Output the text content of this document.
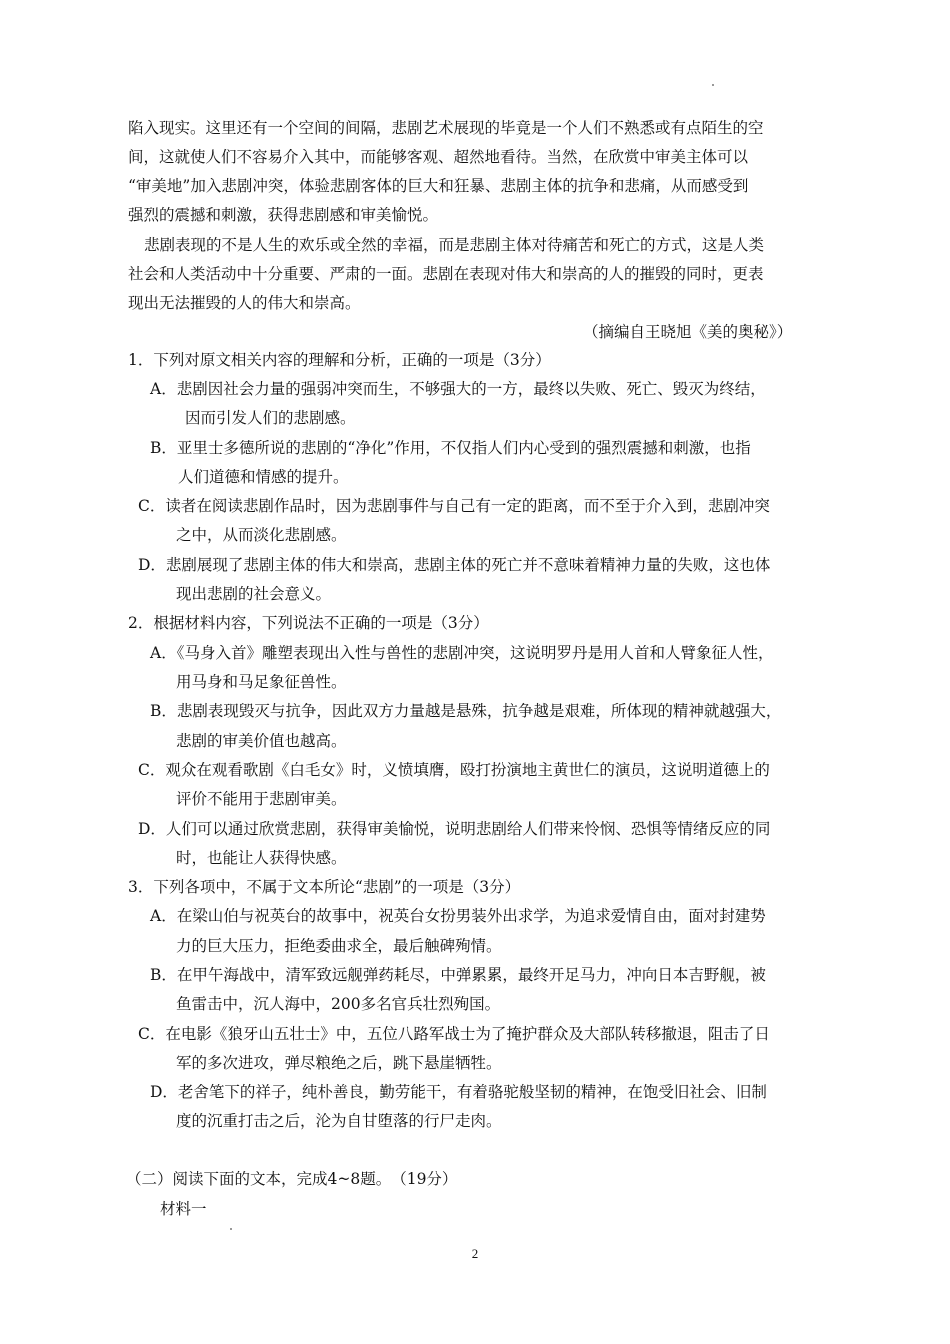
陷入现实。这里还有一个空间的间隔，悲剧艺术展现的毕竟是一个人们不熟悉或有点陌生的空
间，这就使人们不容易介入其中，而能够客观、超然地看待。当然，在欣赏中审美主体可以
“审美地”加入悲剧冲突，体验悲剧客体的巨大和狂暴、悲剧主体的抗争和悲痛，从而感受到
强烈的震撼和刺激，获得悲剧感和审美愉悦。
悲剧表现的不是人生的欢乐或全然的幸福，而是悲剧主体对待痛苦和死亡的方式，这是人类
社会和人类活动中十分重要、严肃的一面。悲剧在表现对伟大和崇高的人的摧毁的同时，更表
现出无法摧毁的人的伟大和崇高。
（摘编自王晓旭《美的奥秘》）
1．下列对原文相关内容的理解和分析，正确的一项是（3分）
A．悲剧因社会力量的强弱冲突而生，不够强大的一方，最终以失败、死亡、毁灭为终结，
因而引发人们的悲剧感。
B．亚里士多德所说的悲剧的“净化”作用，不仅指人们内心受到的强烈震撼和刺激，也指
人们道德和情感的提升。
C．读者在阅读悲剧作品时，因为悲剧事件与自己有一定的距离，而不至于介入到，悲剧冲突
之中，从而淡化悲剧感。
D．悲剧展现了悲剧主体的伟大和崇高，悲剧主体的死亡并不意味着精神力量的失败，这也体
现出悲剧的社会意义。
2．根据材料内容，下列说法不正确的一项是（3分）
A．《马身入首》雕塑表现出入性与兽性的悲剧冲突，这说明罗丹是用人首和人臂象征人性，
用马身和马足象征兽性。
B．悲剧表现毁灭与抗争，因此双方力量越是悬殊，抗争越是艰难，所体现的精神就越强大，
悲剧的审美价值也越高。
C．观众在观看歌剧《白毛女》时，义愤填膺，殴打扮演地主黄世仁的演员，这说明道德上的
评价不能用于悲剧审美。
D．人们可以通过欣赏悲剧，获得审美愉悦，说明悲剧给人们带来怜悯、恐惧等情绪反应的同
时，也能让人获得快感。
3．下列各项中，不属于文本所论“悲剧”的一项是（3分）
A．在梁山伯与祝英台的故事中，祝英台女扮男装外出求学，为追求爱情自由，面对封建势
力的巨大压力，拒绝委曲求全，最后触碑殉情。
B．在甲午海战中，清军致远舰弹药耗尽，中弹累累，最终开足马力，冲向日本吉野舰，被
鱼雷击中，沉人海中，200多名官兵壮烈殉国。
C．在电影《狼牙山五壮士》中，五位八路军战士为了掩护群众及大部队转移撤退，阻击了日
军的多次进攻，弹尽粮绝之后，跳下悬崖牺牲。
D．老舍笔下的祥子，纯朴善良，勤劳能干，有着骆驼般坚韧的精神，在饱受旧社会、旧制
度的沉重打击之后，沦为自甘堕落的行尸走肉。
（二）阅读下面的文本，完成4~8题。　（19分）
材料一
2
